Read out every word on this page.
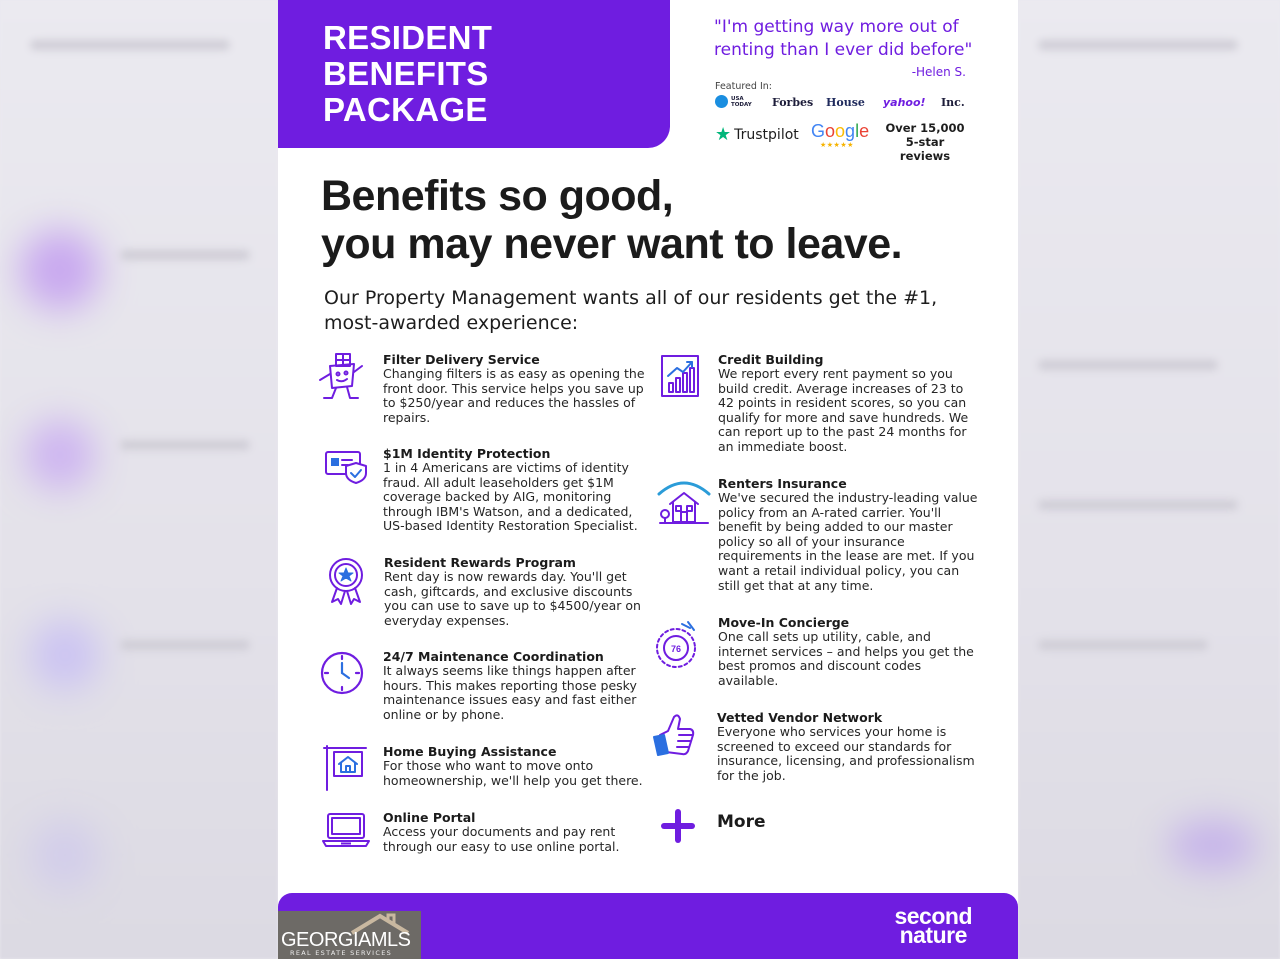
RESIDENT
BENEFITS
PACKAGE
"I'm getting way more out of renting than I ever did before"
-Helen S.
Featured In:
USA TODAY Forbes House yahoo! Inc.
★ Trustpilot Google
★★★★★
Over 15,000 5-star reviews
Benefits so good,
you may never want to leave.
Our Property Management wants all of our residents get the #1, most-awarded experience:
Filter Delivery Service
Changing filters is as easy as opening the front door. This service helps you save up to $250/year and reduces the hassles of repairs.
$1M Identity Protection
1 in 4 Americans are victims of identity fraud. All adult leaseholders get $1M coverage backed by AIG, monitoring through IBM's Watson, and a dedicated, US-based Identity Restoration Specialist.
Resident Rewards Program
Rent day is now rewards day. You'll get cash, giftcards, and exclusive discounts you can use to save up to $4500/year on everyday expenses.
24/7 Maintenance Coordination
It always seems like things happen after hours. This makes reporting those pesky maintenance issues easy and fast either online or by phone.
Home Buying Assistance
For those who want to move onto homeownership, we'll help you get there.
Online Portal
Access your documents and pay rent through our easy to use online portal.
Credit Building
We report every rent payment so you build credit. Average increases of 23 to 42 points in resident scores, so you can qualify for more and save hundreds. We can report up to the past 24 months for an immediate boost.
Renters Insurance
We've secured the industry-leading value policy from an A-rated carrier. You'll benefit by being added to our master policy so all of your insurance requirements in the lease are met. If you want a retail individual policy, you can still get that at any time.
76
Move-In Concierge
One call sets up utility, cable, and internet services – and helps you get the best promos and discount codes available.
Vetted Vendor Network
Everyone who services your home is screened to exceed our standards for insurance, licensing, and professionalism for the job.
More
second
nature
GEORGIAMLS
REAL ESTATE SERVICES
